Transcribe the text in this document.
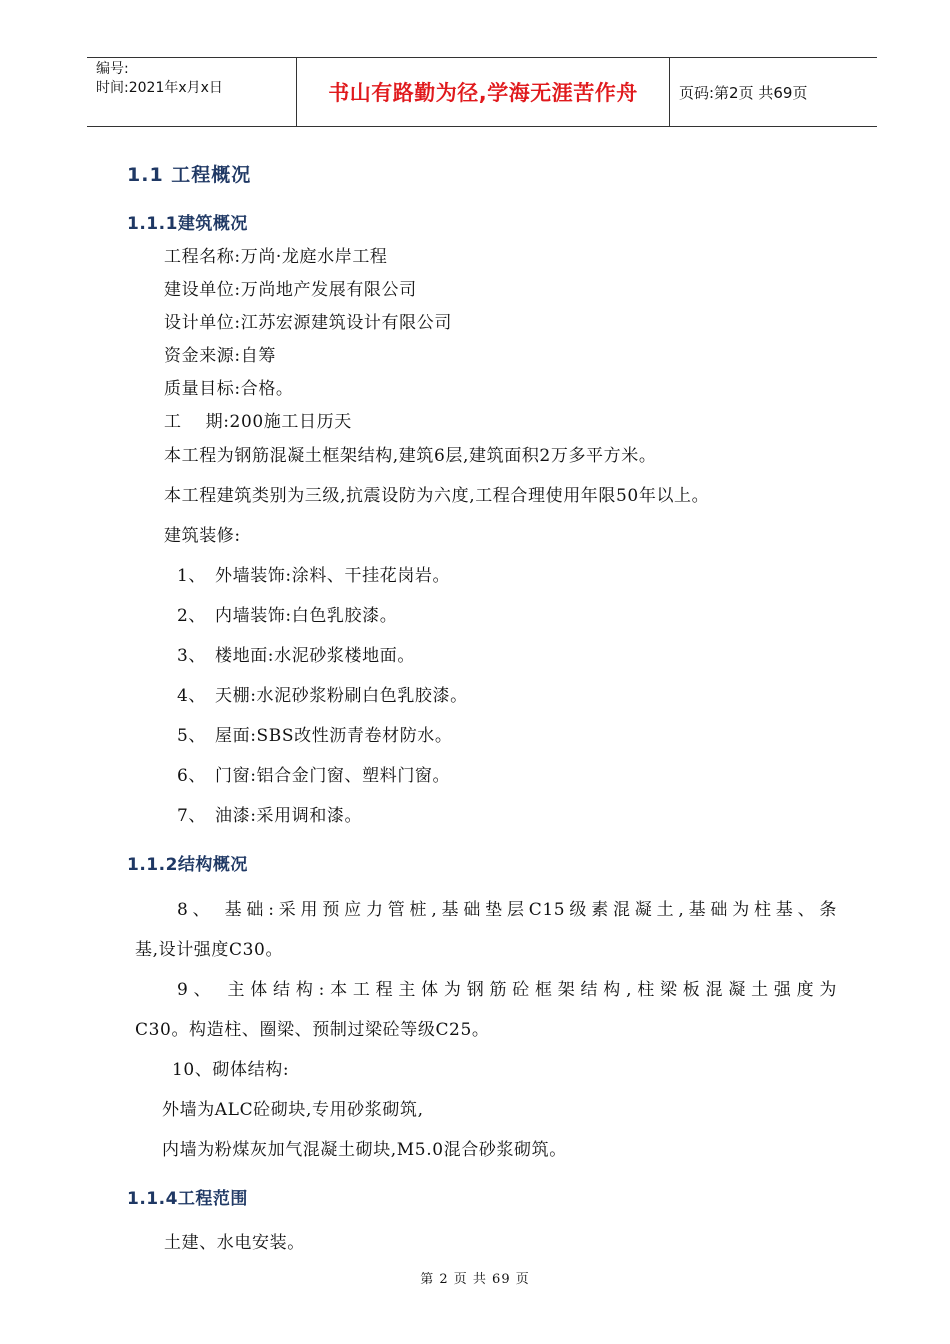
编号:
时间:2021年x月x日	书山有路勤为径,学海无涯苦作舟	页码:第2页 共69页
1.1 工程概况
1.1.1建筑概况
工程名称:万尚·龙庭水岸工程
建设单位:万尚地产发展有限公司
设计单位:江苏宏源建筑设计有限公司
资金来源:自筹
质量目标:合格。
工    期:200施工日历天
本工程为钢筋混凝土框架结构,建筑6层,建筑面积2万多平方米。
本工程建筑类别为三级,抗震设防为六度,工程合理使用年限50年以上。
建筑装修:
1、 外墙装饰:涂料、干挂花岗岩。
2、 内墙装饰:白色乳胶漆。
3、 楼地面:水泥砂浆楼地面。
4、 天棚:水泥砂浆粉刷白色乳胶漆。
5、 屋面:SBS改性沥青卷材防水。
6、 门窗:铝合金门窗、塑料门窗。
7、 油漆:采用调和漆。
1.1.2结构概况
8、 基础:采用预应力管桩,基础垫层C15级素混凝土,基础为柱基、条
基,设计强度C30。
9、 主体结构:本工程主体为钢筋砼框架结构,柱梁板混凝土强度为
C30。构造柱、圈梁、预制过梁砼等级C25。
10、砌体结构:
外墙为ALC砼砌块,专用砂浆砌筑,
内墙为粉煤灰加气混凝土砌块,M5.0混合砂浆砌筑。
1.1.4工程范围
土建、水电安装。
第 2 页 共 69 页
